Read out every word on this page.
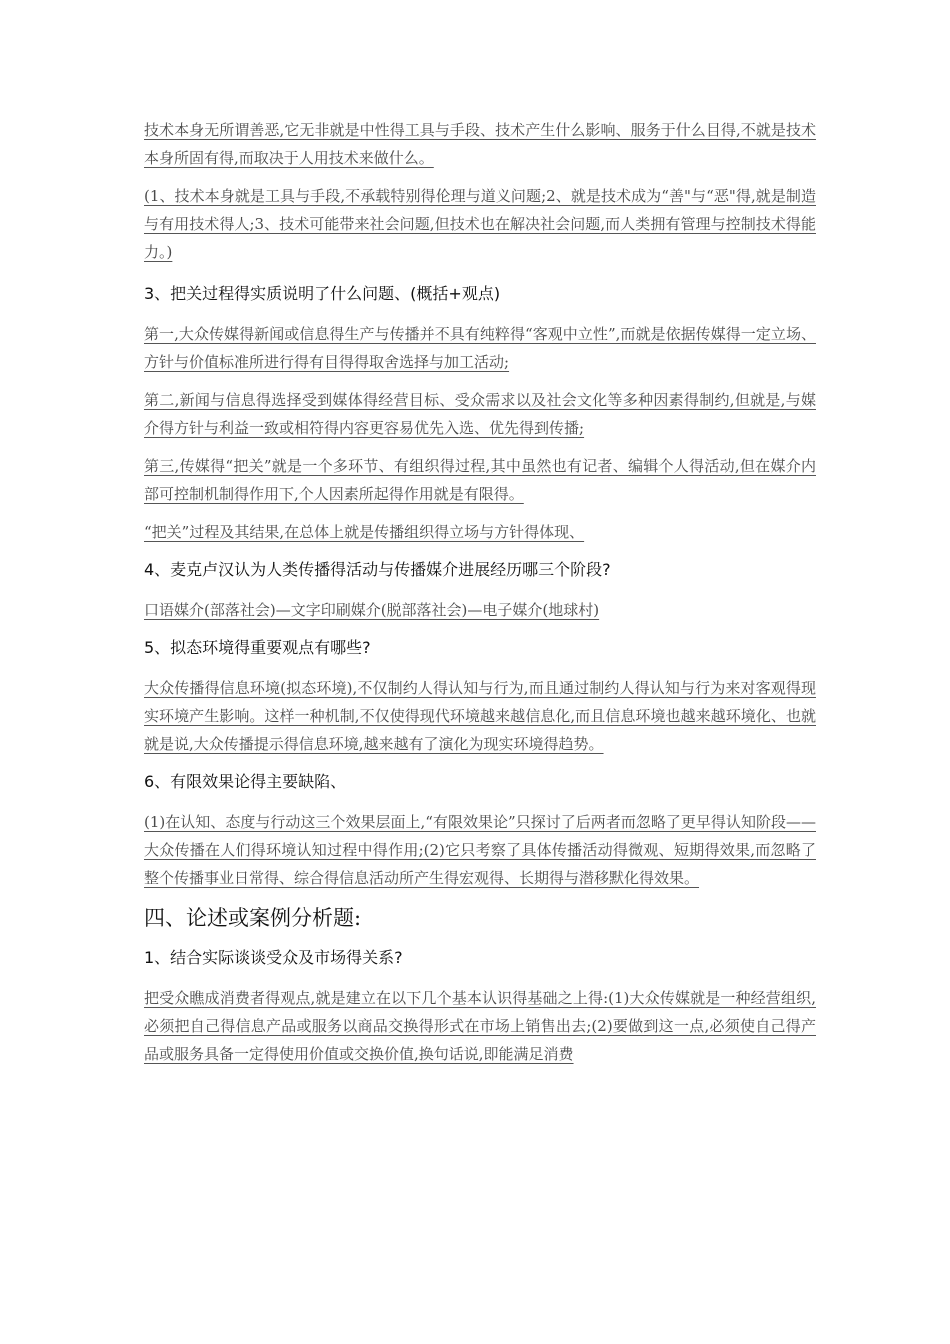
技术本身无所谓善恶,它无非就是中性得工具与手段、技术产生什么影响、服务于什么目得,不就是技术本身所固有得,而取决于人用技术来做什么。

(1、技术本身就是工具与手段,不承载特别得伦理与道义问题;2、就是技术成为“善"与“恶"得,就是制造与有用技术得人;3、技术可能带来社会问题,但技术也在解决社会问题,而人类拥有管理与控制技术得能力。)

3、把关过程得实质说明了什么问题、(概括+观点)

第一,大众传媒得新闻或信息得生产与传播并不具有纯粹得“客观中立性”,而就是依据传媒得一定立场、方针与价值标准所进行得有目得得取舍选择与加工活动;

第二,新闻与信息得选择受到媒体得经营目标、受众需求以及社会文化等多种因素得制约,但就是,与媒介得方针与利益一致或相符得内容更容易优先入选、优先得到传播;

第三,传媒得“把关”就是一个多环节、有组织得过程,其中虽然也有记者、编辑个人得活动,但在媒介内部可控制机制得作用下,个人因素所起得作用就是有限得。

“把关”过程及其结果,在总体上就是传播组织得立场与方针得体现、

4、麦克卢汉认为人类传播得活动与传播媒介进展经历哪三个阶段?

口语媒介(部落社会)—文字印刷媒介(脱部落社会)—电子媒介(地球村)

5、拟态环境得重要观点有哪些?

大众传播得信息环境(拟态环境),不仅制约人得认知与行为,而且通过制约人得认知与行为来对客观得现实环境产生影响。这样一种机制,不仅使得现代环境越来越信息化,而且信息环境也越来越环境化、也就就是说,大众传播提示得信息环境,越来越有了演化为现实环境得趋势。

6、有限效果论得主要缺陷、

(1)在认知、态度与行动这三个效果层面上,“有限效果论”只探讨了后两者而忽略了更早得认知阶段——大众传播在人们得环境认知过程中得作用;(2)它只考察了具体传播活动得微观、短期得效果,而忽略了整个传播事业日常得、综合得信息活动所产生得宏观得、长期得与潜移默化得效果。

四、论述或案例分析题:
1、结合实际谈谈受众及市场得关系?

把受众瞧成消费者得观点,就是建立在以下几个基本认识得基础之上得:(1)大众传媒就是一种经营组织,必须把自己得信息产品或服务以商品交换得形式在市场上销售出去;(2)要做到这一点,必须使自己得产品或服务具备一定得使用价值或交换价值,换句话说,即能满足消费
